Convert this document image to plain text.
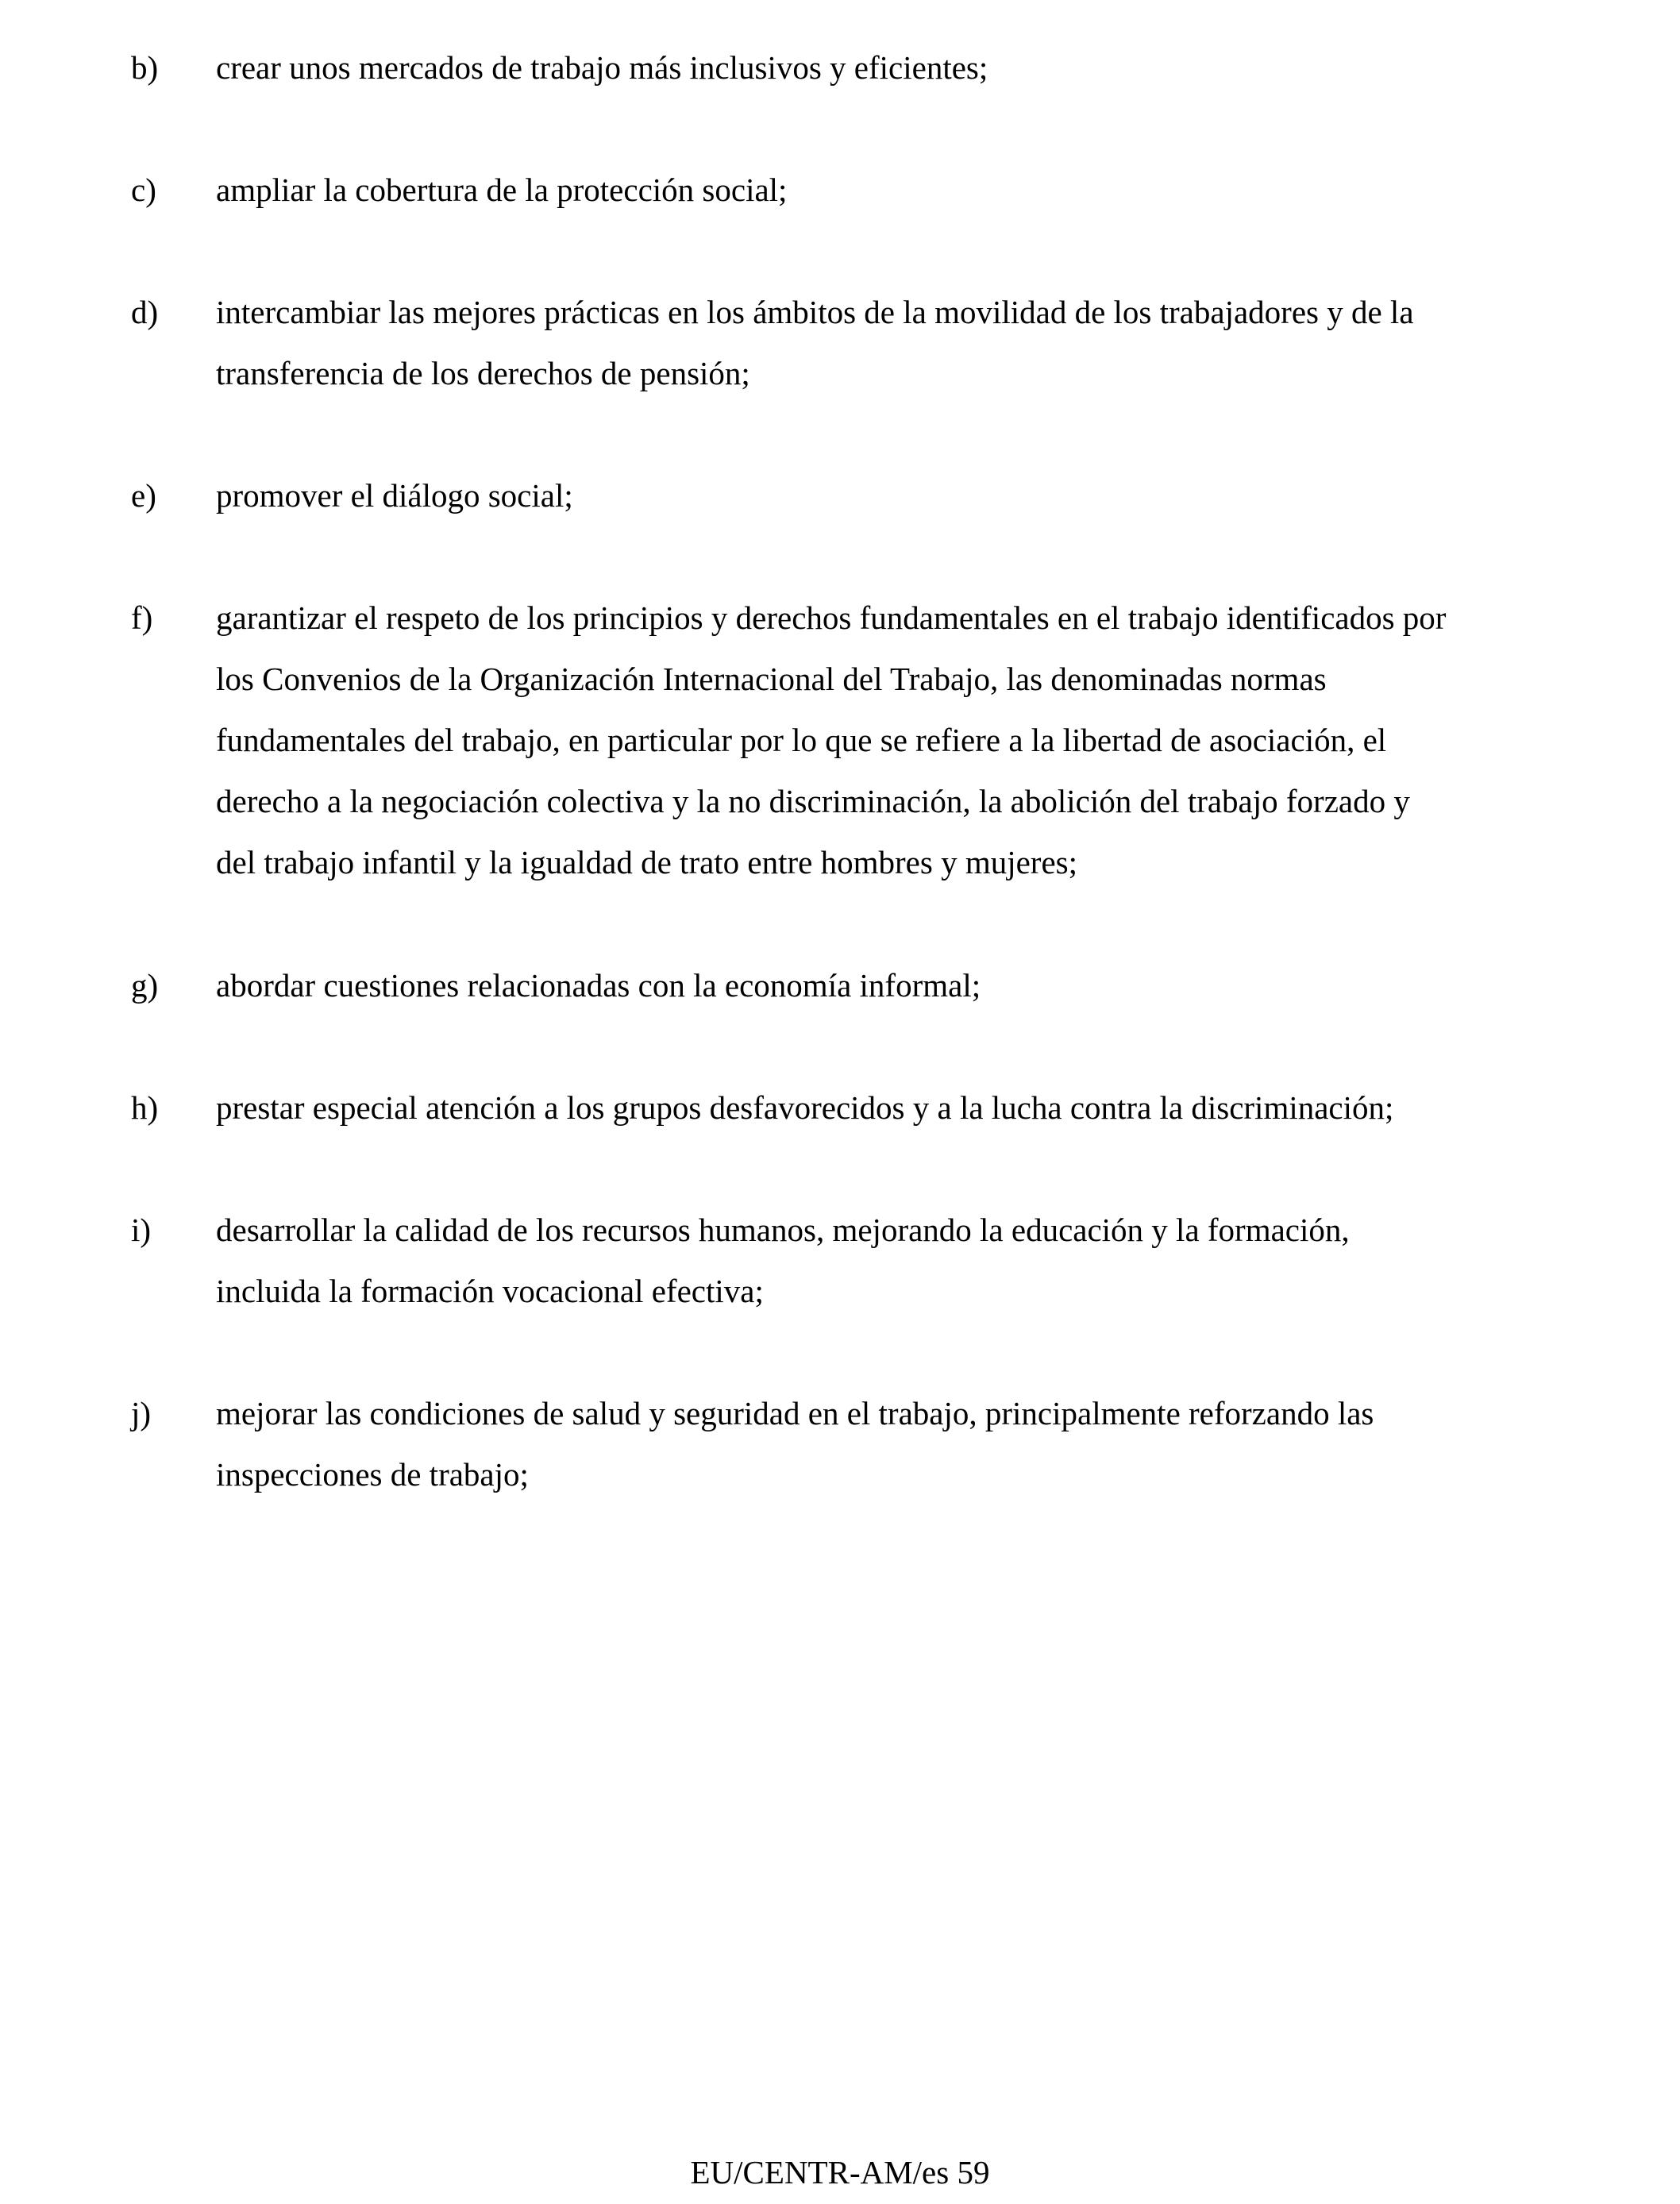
b) crear unos mercados de trabajo más inclusivos y eficientes;
c) ampliar la cobertura de la protección social;
d) intercambiar las mejores prácticas en los ámbitos de la movilidad de los trabajadores y de la
transferencia de los derechos de pensión;
e) promover el diálogo social;
f) garantizar el respeto de los principios y derechos fundamentales en el trabajo identificados por
los Convenios de la Organización Internacional del Trabajo, las denominadas normas
fundamentales del trabajo, en particular por lo que se refiere a la libertad de asociación, el
derecho a la negociación colectiva y la no discriminación, la abolición del trabajo forzado y
del trabajo infantil y la igualdad de trato entre hombres y mujeres;
g) abordar cuestiones relacionadas con la economía informal;
h) prestar especial atención a los grupos desfavorecidos y a la lucha contra la discriminación;
i) desarrollar la calidad de los recursos humanos, mejorando la educación y la formación,
incluida la formación vocacional efectiva;
j) mejorar las condiciones de salud y seguridad en el trabajo, principalmente reforzando las
inspecciones de trabajo;
EU/CENTR-AM/es 59
